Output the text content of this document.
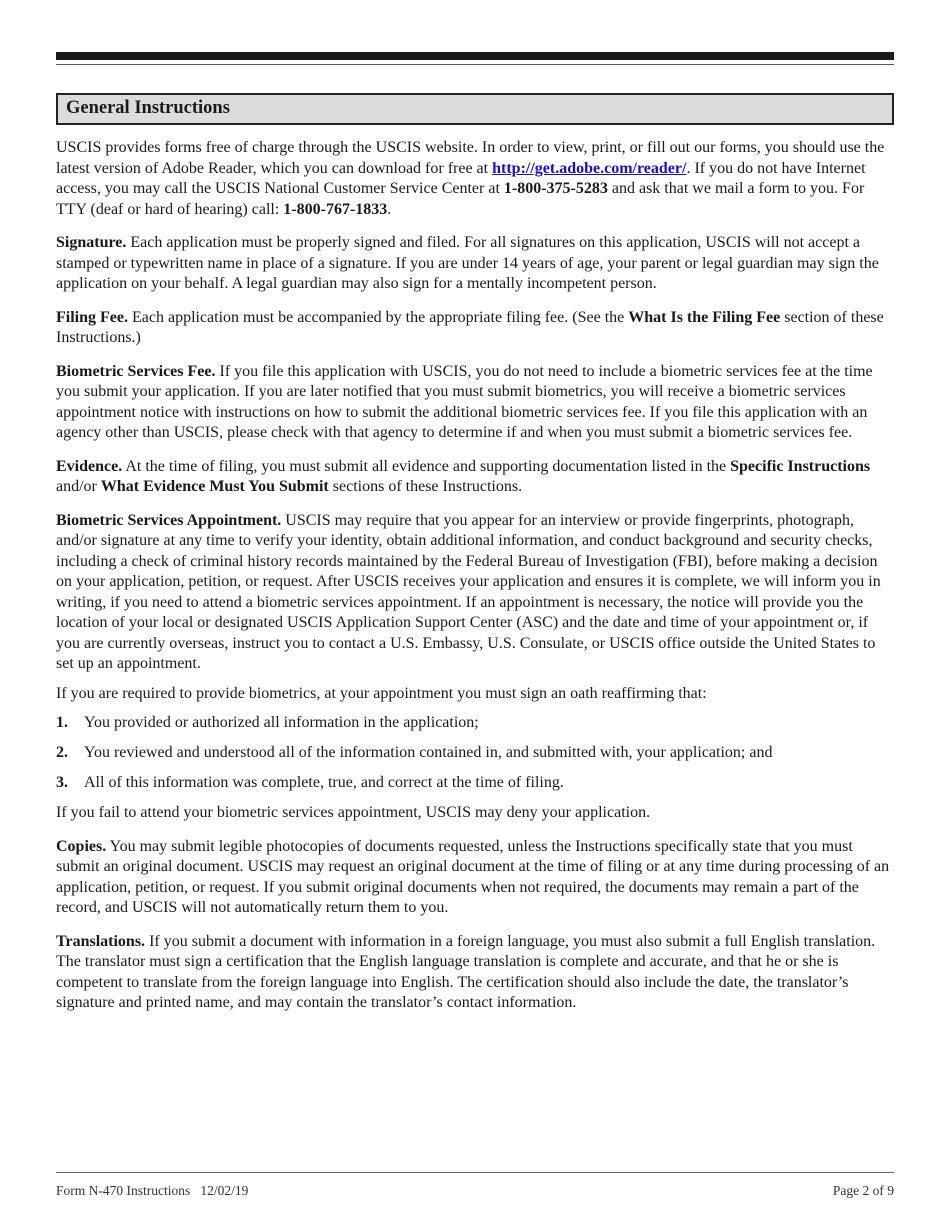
General Instructions

USCIS provides forms free of charge through the USCIS website. In order to view, print, or fill out our forms, you should use the latest version of Adobe Reader, which you can download for free at http://get.adobe.com/reader/. If you do not have Internet access, you may call the USCIS National Customer Service Center at 1-800-375-5283 and ask that we mail a form to you. For TTY (deaf or hard of hearing) call: 1-800-767-1833.

Signature. Each application must be properly signed and filed. For all signatures on this application, USCIS will not accept a stamped or typewritten name in place of a signature. If you are under 14 years of age, your parent or legal guardian may sign the application on your behalf. A legal guardian may also sign for a mentally incompetent person.

Filing Fee. Each application must be accompanied by the appropriate filing fee. (See the What Is the Filing Fee section of these Instructions.)

Biometric Services Fee. If you file this application with USCIS, you do not need to include a biometric services fee at the time you submit your application. If you are later notified that you must submit biometrics, you will receive a biometric services appointment notice with instructions on how to submit the additional biometric services fee. If you file this application with an agency other than USCIS, please check with that agency to determine if and when you must submit a biometric services fee.

Evidence. At the time of filing, you must submit all evidence and supporting documentation listed in the Specific Instructions and/or What Evidence Must You Submit sections of these Instructions.

Biometric Services Appointment. USCIS may require that you appear for an interview or provide fingerprints, photograph, and/or signature at any time to verify your identity, obtain additional information, and conduct background and security checks, including a check of criminal history records maintained by the Federal Bureau of Investigation (FBI), before making a decision on your application, petition, or request. After USCIS receives your application and ensures it is complete, we will inform you in writing, if you need to attend a biometric services appointment. If an appointment is necessary, the notice will provide you the location of your local or designated USCIS Application Support Center (ASC) and the date and time of your appointment or, if you are currently overseas, instruct you to contact a U.S. Embassy, U.S. Consulate, or USCIS office outside the United States to set up an appointment.

If you are required to provide biometrics, at your appointment you must sign an oath reaffirming that:

1.	You provided or authorized all information in the application;
2.	You reviewed and understood all of the information contained in, and submitted with, your application; and
3.	All of this information was complete, true, and correct at the time of filing.

If you fail to attend your biometric services appointment, USCIS may deny your application.

Copies. You may submit legible photocopies of documents requested, unless the Instructions specifically state that you must submit an original document. USCIS may request an original document at the time of filing or at any time during processing of an application, petition, or request. If you submit original documents when not required, the documents may remain a part of the record, and USCIS will not automatically return them to you.

Translations. If you submit a document with information in a foreign language, you must also submit a full English translation. The translator must sign a certification that the English language translation is complete and accurate, and that he or she is competent to translate from the foreign language into English. The certification should also include the date, the translator’s signature and printed name, and may contain the translator’s contact information.

Form N-470 Instructions   12/02/19	Page 2 of 9
